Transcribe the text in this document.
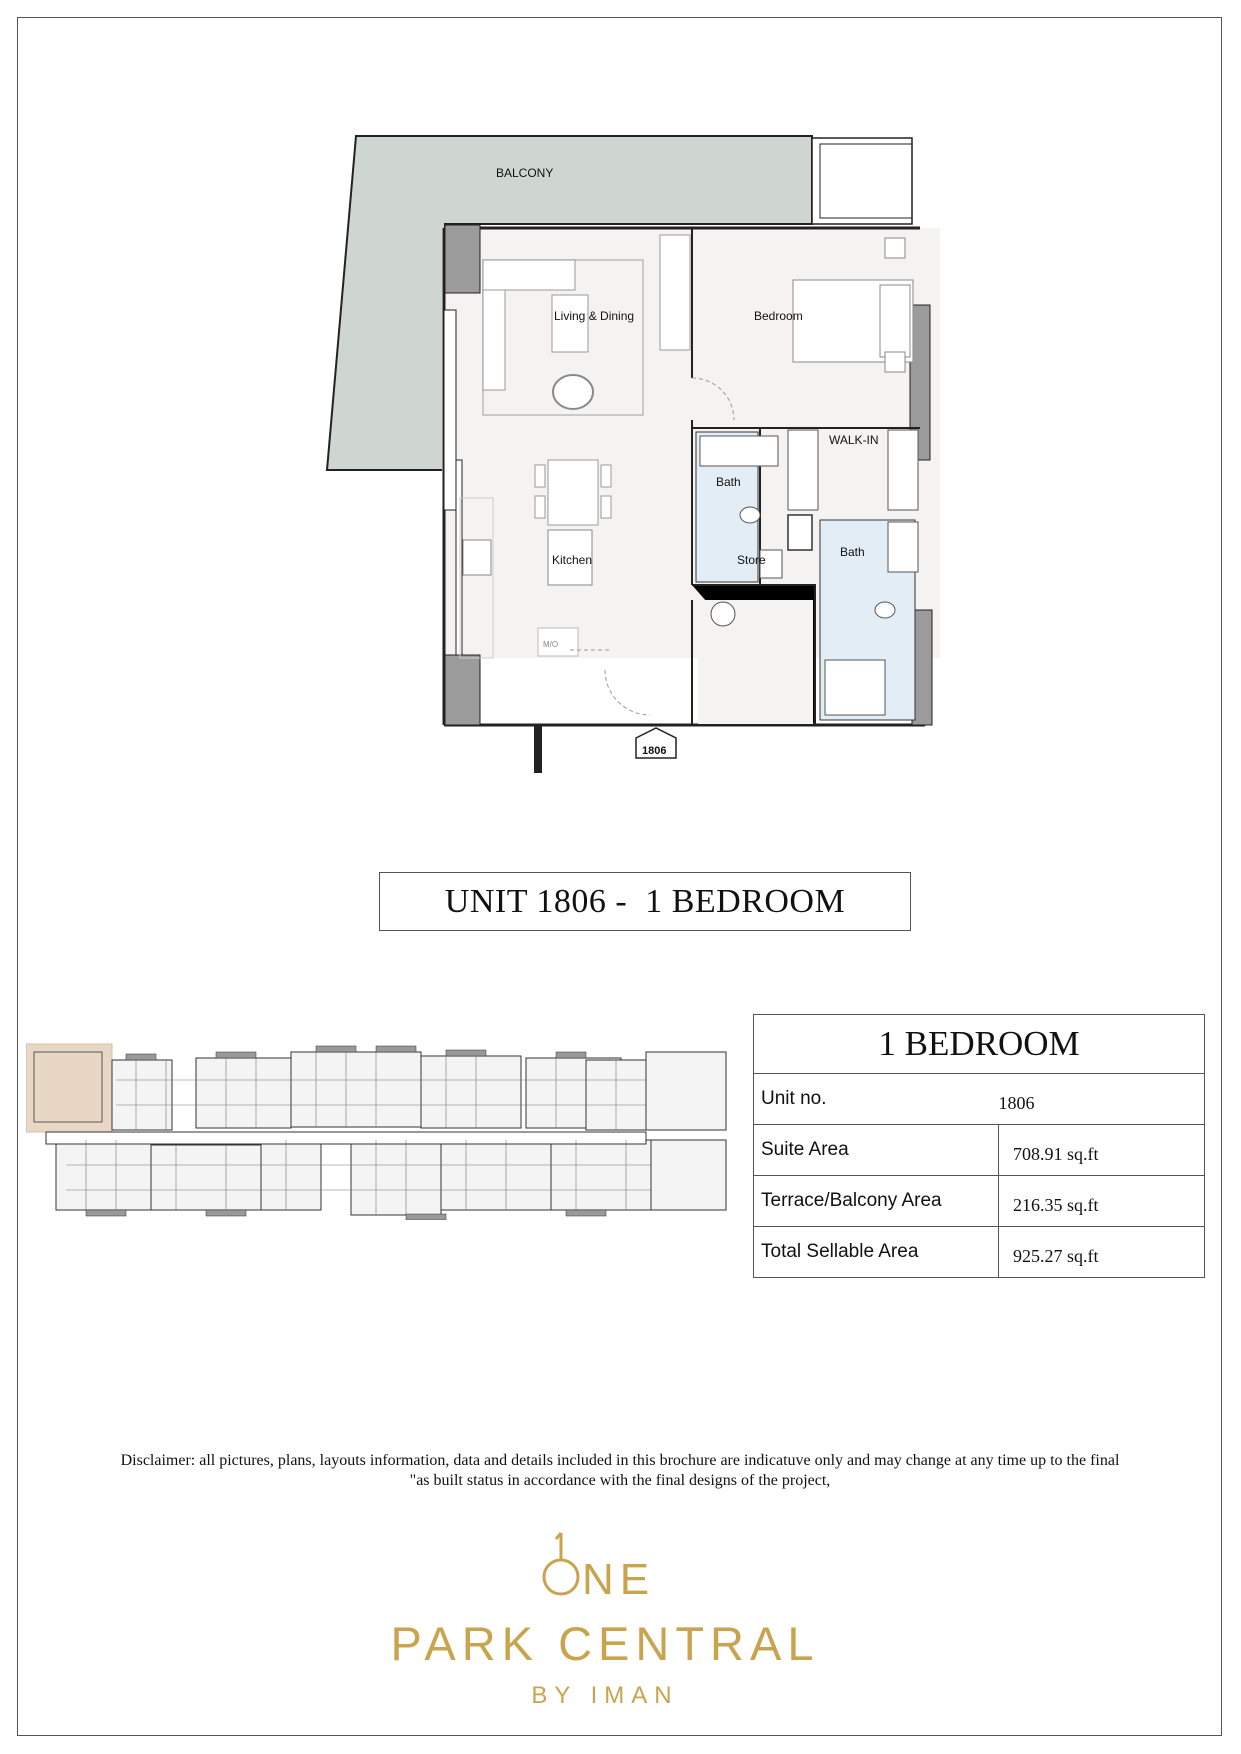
BALCONY
Living & Dining	Bedroom
WALK-IN
Bath
Bath
Kitchen	Store
M/O
1806
UNIT 1806 -  1 BEDROOM
1 BEDROOM	
Unit no.	1806
Suite Area	708.91 sq.ft
Terrace/Balcony Area	216.35 sq.ft
Total Sellable Area	925.27 sq.ft
Disclaimer: all pictures, plans, layouts information, data and details included in this brochure are indicatuve only and may change at any time up to the final
"as built status in accordance with the final designs of the project,
NE
PARK CENTRAL
BY IMAN
